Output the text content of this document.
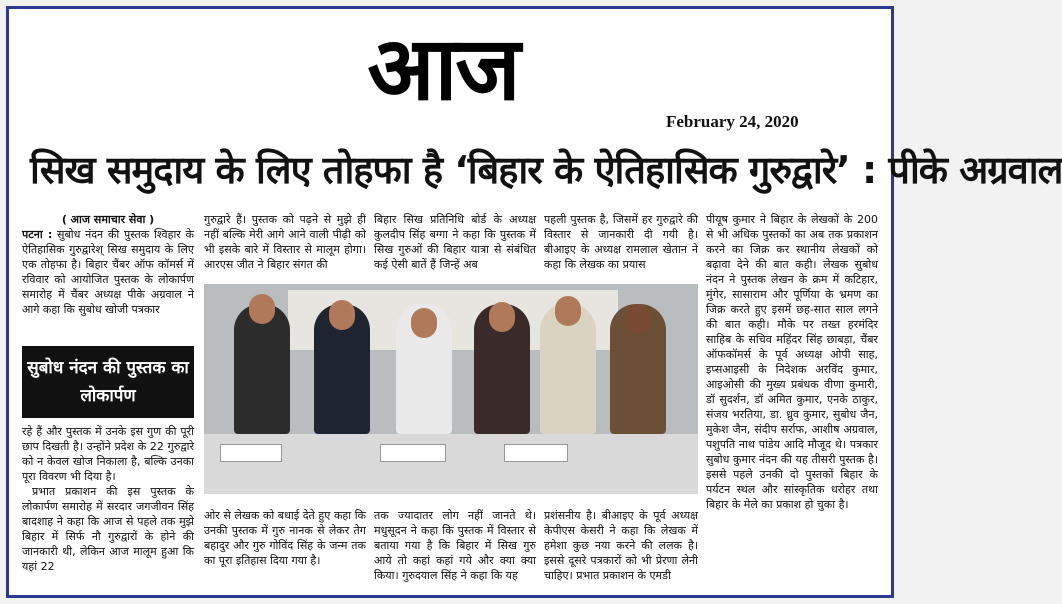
आज
February 24, 2020
सिख समुदाय के लिए तोहफा है ‘बिहार के ऐतिहासिक गुरुद्वारे’ : पीके अग्रवाल
( आज समाचार सेवा )

पटना : सुबोध नंदन की पुस्तक श्विहार के ऐतिहासिक गुरुद्वारेश् सिख समुदाय के लिए एक तोहफा है। बिहार चैंबर ऑफ कॉमर्स में रविवार को आयोजित पुस्तक के लोकार्पण समारोह में चैंबर अध्यक्ष पीके अग्रवाल ने आगे कहा कि सुबोध खोजी पत्रकार

सुबोध नंदन की पुस्तक का लोकार्पण

रहे हैं और पुस्तक में उनके इस गुण की पूरी छाप दिखती है। उन्होंने प्रदेश के 22 गुरुद्वारे को न केवल खोज निकाला है, बल्कि उनका पूरा विवरण भी दिया है।

प्रभात प्रकाशन की इस पुस्तक के लोकार्पण समारोह में सरदार जगजीवन सिंह बादशाह ने कहा कि आज से पहले तक मुझे बिहार में सिर्फ नौ गुरुद्वारों के होने की जानकारी थी, लेकिन आज मालूम हुआ कि यहां 22

गुरुद्वारे हैं। पुस्तक को पढ़ने से मुझे ही नहीं बल्कि मेरी आगे आने वाली पीढ़ी को भी इसके बारे में विस्तार से मालूम होगा। आरएस जीत ने बिहार संगत की
बिहार सिख प्रतिनिधि बोर्ड के अध्यक्ष कुलदीप सिंह बग्गा ने कहा कि पुस्तक में सिख गुरुओं की बिहार यात्रा से संबंधित कई ऐसी बातें हैं जिन्हें अब
पहली पुस्तक है, जिसमें हर गुरुद्वारे की विस्तार से जानकारी दी गयी है। बीआइए के अध्यक्ष रामलाल खेतान ने कहा कि लेखक का प्रयास
ओर से लेखक को बधाई देते हुए कहा कि उनकी पुस्तक में गुरु नानक से लेकर तेग बहादुर और गुरु गोविंद सिंह के जन्म तक का पूरा इतिहास दिया गया है।
तक ज्यादातर लोग नहीं जानते थे। मधुसूदन ने कहा कि पुस्तक में विस्तार से बताया गया है कि बिहार में सिख गुरु आये तो कहां कहां गये और क्या क्या किया। गुरुदयाल सिंह ने कहा कि यह
प्रशंसनीय है। बीआइए के पूर्व अध्यक्ष केपीएस केसरी ने कहा कि लेखक में हमेशा कुछ नया करने की ललक है। इससे दूसरे पत्रकारों को भी प्रेरणा लेनी चाहिए। प्रभात प्रकाशन के एमडी
पीयूष कुमार ने बिहार के लेखकों के 200 से भी अधिक पुस्तकों का अब तक प्रकाशन करने का जिक्र कर स्थानीय लेखकों को बढ़ावा देने की बात कही। लेखक सुबोध नंदन ने पुस्तक लेखन के क्रम में कटिहार, मुंगेर, सासाराम और पूर्णिया के भ्रमण का जिक्र करते हुए इसमें छह-सात साल लगने की बात कही। मौके पर तख्त हरमंदिर साहिब के सचिव महिंदर सिंह छाबड़ा, चैंबर ऑफकॉमर्स के पूर्व अध्यक्ष ओपी साह, इप्सआइसी के निदेशक अरविंद कुमार, आइओसी की मुख्य प्रबंधक वीणा कुमारी, डॉ सुदर्शन, डॉ अमित कुमार, एनके ठाकुर, संजय भरतिया, डा. ध्रुव कुमार, सुबोध जैन, मुकेश जैन, संदीप सर्राफ, आशीष अग्रवाल, पशुपति नाथ पांडेय आदि मौजूद थे। पत्रकार सुबोध कुमार नंदन की यह तीसरी पुस्तक है। इससे पहले उनकी दो पुस्तकों बिहार के पर्यटन स्थल और सांस्कृतिक धरोहर तथा बिहार के मेले का प्रकाश हो चुका है।
